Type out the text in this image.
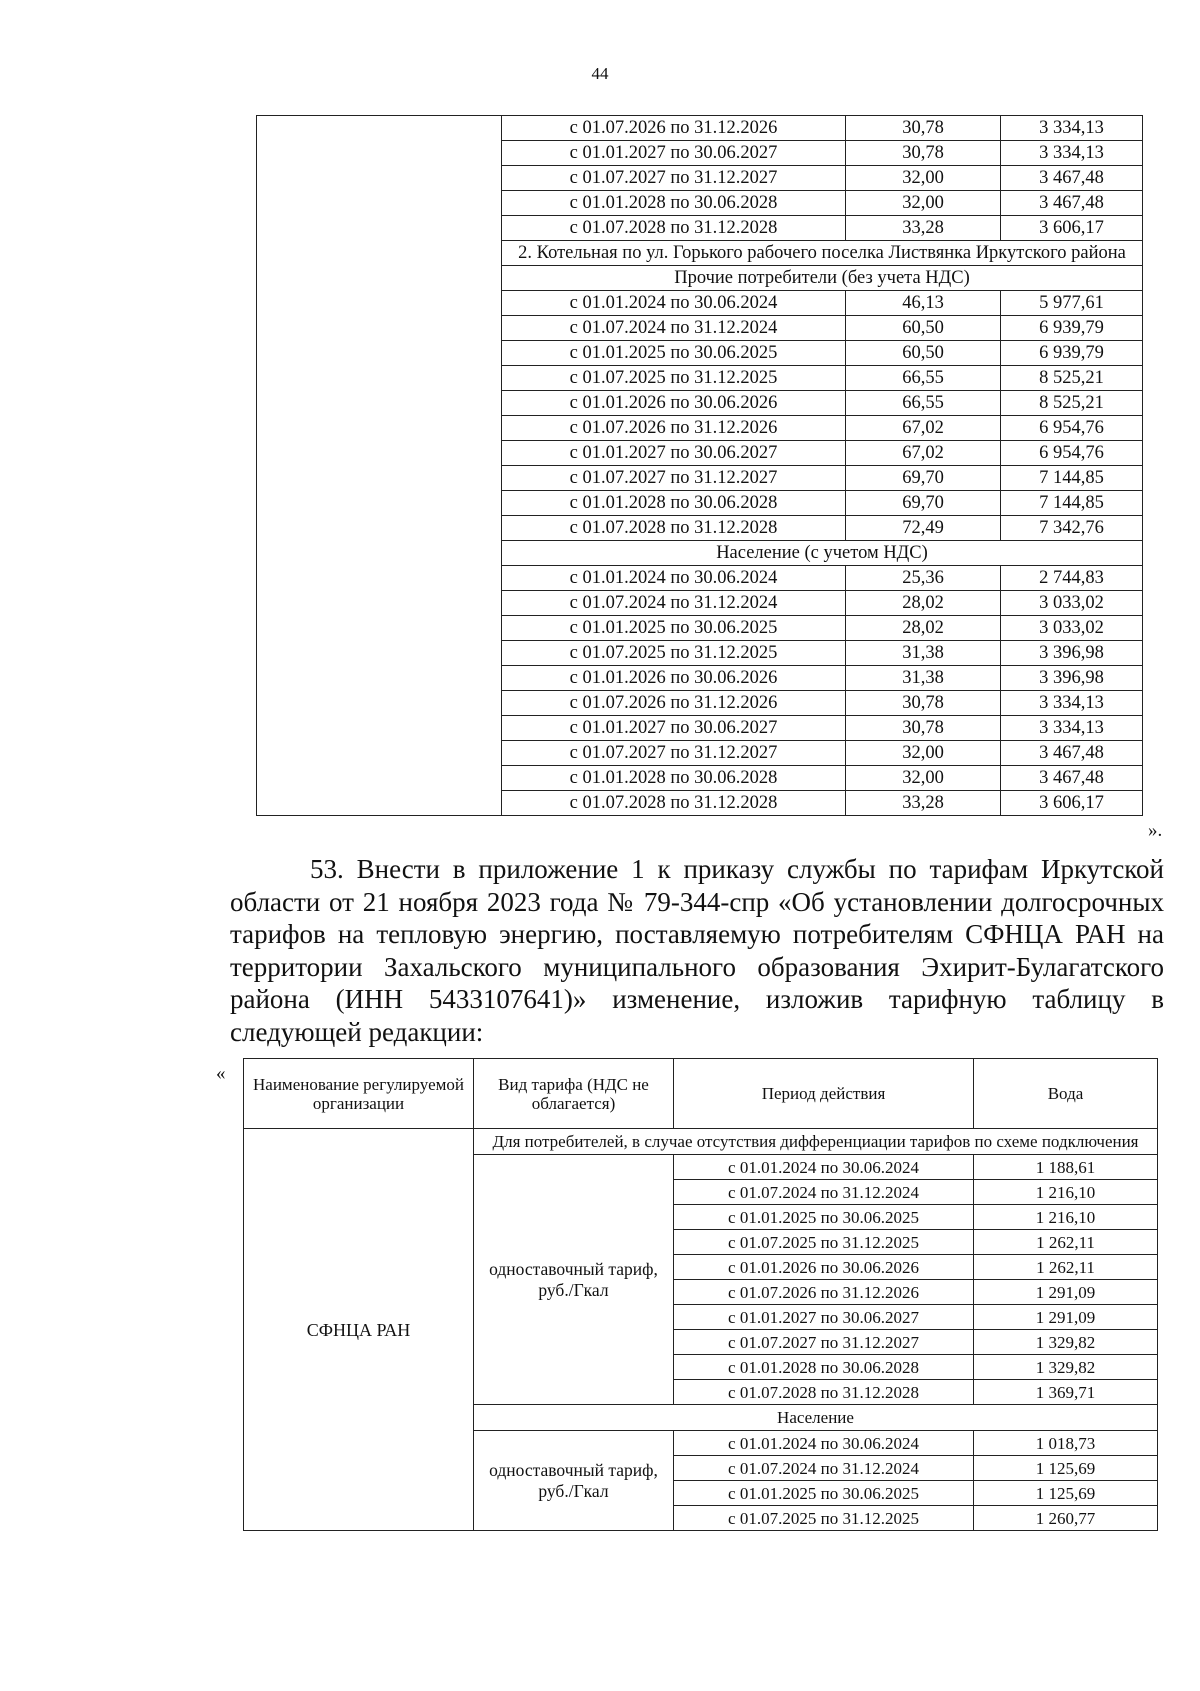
44
	с 01.07.2026 по 31.12.2026	30,78	3 334,13
	с 01.01.2027 по 30.06.2027	30,78	3 334,13
	с 01.07.2027 по 31.12.2027	32,00	3 467,48
	с 01.01.2028 по 30.06.2028	32,00	3 467,48
	с 01.07.2028 по 31.12.2028	33,28	3 606,17
	2. Котельная по ул. Горького рабочего поселка Листвянка Иркутского района		
	Прочие потребители (без учета НДС)		
	с 01.01.2024 по 30.06.2024	46,13	5 977,61
	с 01.07.2024 по 31.12.2024	60,50	6 939,79
	с 01.01.2025 по 30.06.2025	60,50	6 939,79
	с 01.07.2025 по 31.12.2025	66,55	8 525,21
	с 01.01.2026 по 30.06.2026	66,55	8 525,21
	с 01.07.2026 по 31.12.2026	67,02	6 954,76
	с 01.01.2027 по 30.06.2027	67,02	6 954,76
	с 01.07.2027 по 31.12.2027	69,70	7 144,85
	с 01.01.2028 по 30.06.2028	69,70	7 144,85
	с 01.07.2028 по 31.12.2028	72,49	7 342,76
	Население (с учетом НДС)		
	с 01.01.2024 по 30.06.2024	25,36	2 744,83
	с 01.07.2024 по 31.12.2024	28,02	3 033,02
	с 01.01.2025 по 30.06.2025	28,02	3 033,02
	с 01.07.2025 по 31.12.2025	31,38	3 396,98
	с 01.01.2026 по 30.06.2026	31,38	3 396,98
	с 01.07.2026 по 31.12.2026	30,78	3 334,13
	с 01.01.2027 по 30.06.2027	30,78	3 334,13
	с 01.07.2027 по 31.12.2027	32,00	3 467,48
	с 01.01.2028 по 30.06.2028	32,00	3 467,48
	с 01.07.2028 по 31.12.2028	33,28	3 606,17
».

53. Внести в приложение 1 к приказу службы по тарифам Иркутской области от 21 ноября 2023 года № 79-344-спр «Об установлении долгосрочных тарифов на тепловую энергию, поставляемую потребителям СФНЦА РАН на территории Захальского муниципального образования Эхирит-Булагатского района (ИНН 5433107641)» изменение, изложив тарифную таблицу в следующей редакции:

« Наименование регулируемой организации	Вид тарифа (НДС не облагается)	Период действия	Вода
СФНЦА РАН	Для потребителей, в случае отсутствия дифференциации тарифов по схеме подключения		
	одноставочный тариф, руб./Гкал	с 01.01.2024 по 30.06.2024	1 188,61
		с 01.07.2024 по 31.12.2024	1 216,10
		с 01.01.2025 по 30.06.2025	1 216,10
		с 01.07.2025 по 31.12.2025	1 262,11
		с 01.01.2026 по 30.06.2026	1 262,11
		с 01.07.2026 по 31.12.2026	1 291,09
		с 01.01.2027 по 30.06.2027	1 291,09
		с 01.07.2027 по 31.12.2027	1 329,82
		с 01.01.2028 по 30.06.2028	1 329,82
		с 01.07.2028 по 31.12.2028	1 369,71
	Население		
	одноставочный тариф, руб./Гкал	с 01.01.2024 по 30.06.2024	1 018,73
		с 01.07.2024 по 31.12.2024	1 125,69
		с 01.01.2025 по 30.06.2025	1 125,69
		с 01.07.2025 по 31.12.2025	1 260,77
